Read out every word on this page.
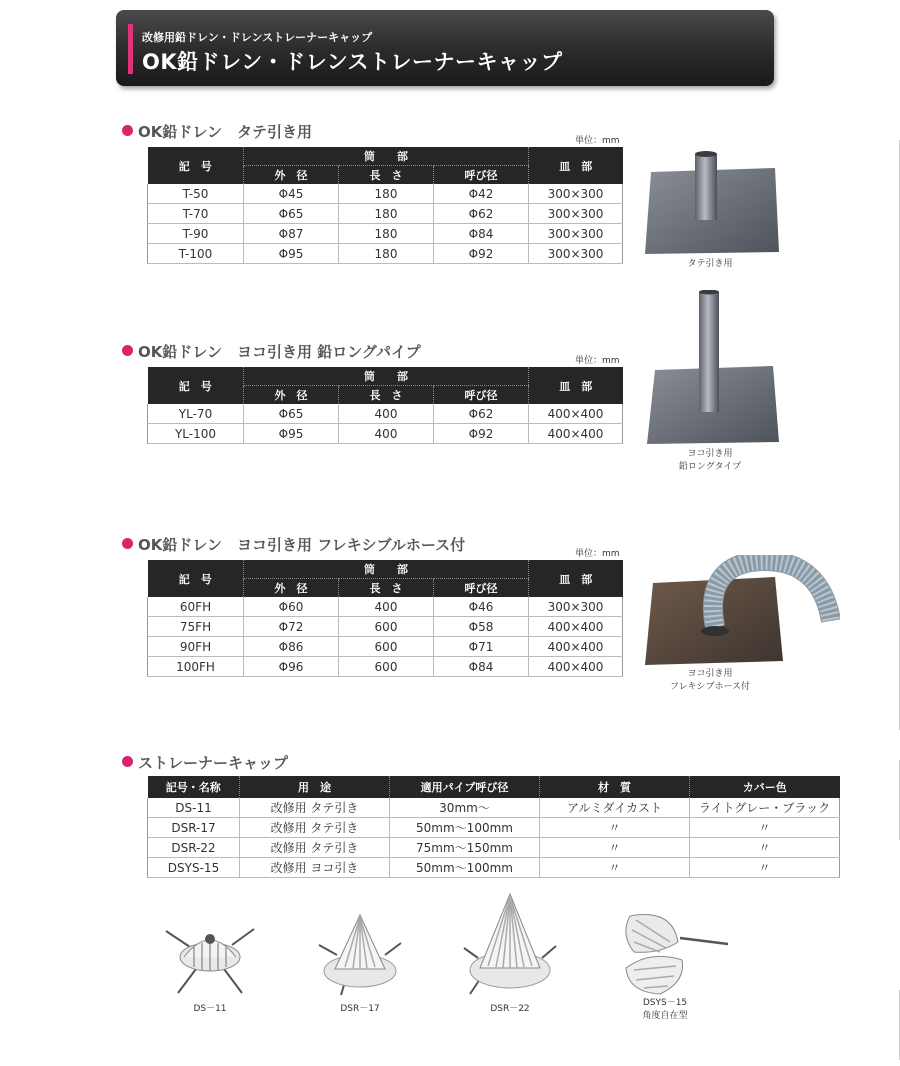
改修用鉛ドレン・ドレンストレーナーキャップ
OK鉛ドレン・ドレンストレーナーキャップ
OK鉛ドレン　タテ引き用
OK鉛ドレン　ヨコ引き用 鉛ロングパイプ
OK鉛ドレン　ヨコ引き用 フレキシブルホース付
ストレーナーキャップ
単位：mm
単位：mm
単位：mm
記　号	筒　　部			皿　部
	外　径	長　さ	呼び径	
T-50	Φ45	180	Φ42	300×300
T-70	Φ65	180	Φ62	300×300
T-90	Φ87	180	Φ84	300×300
T-100	Φ95	180	Φ92	300×300
記　号	筒　　部			皿　部
	外　径	長　さ	呼び径	
YL-70	Φ65	400	Φ62	400×400
YL-100	Φ95	400	Φ92	400×400
記　号	筒　　部			皿　部
	外　径	長　さ	呼び径	
60FH	Φ60	400	Φ46	300×300
75FH	Φ72	600	Φ58	400×400
90FH	Φ86	600	Φ71	400×400
100FH	Φ96	600	Φ84	400×400
タテ引き用
ヨコ引き用
鉛ロングタイプ
ヨコ引き用
フレキシブホース付
記号・名称	用　途	適用パイプ呼び径	材　質	カバー色
DS-11	改修用 タテ引き	30mm～	アルミダイカスト	ライトグレー・ブラック
DSR-17	改修用 タテ引き	50mm～100mm	〃	〃
DSR-22	改修用 タテ引き	75mm～150mm	〃	〃
DSYS-15	改修用 ヨコ引き	50mm～100mm	〃	〃
DS－11	DSR－17	DSR－22
DSYS－15
角度自在型
